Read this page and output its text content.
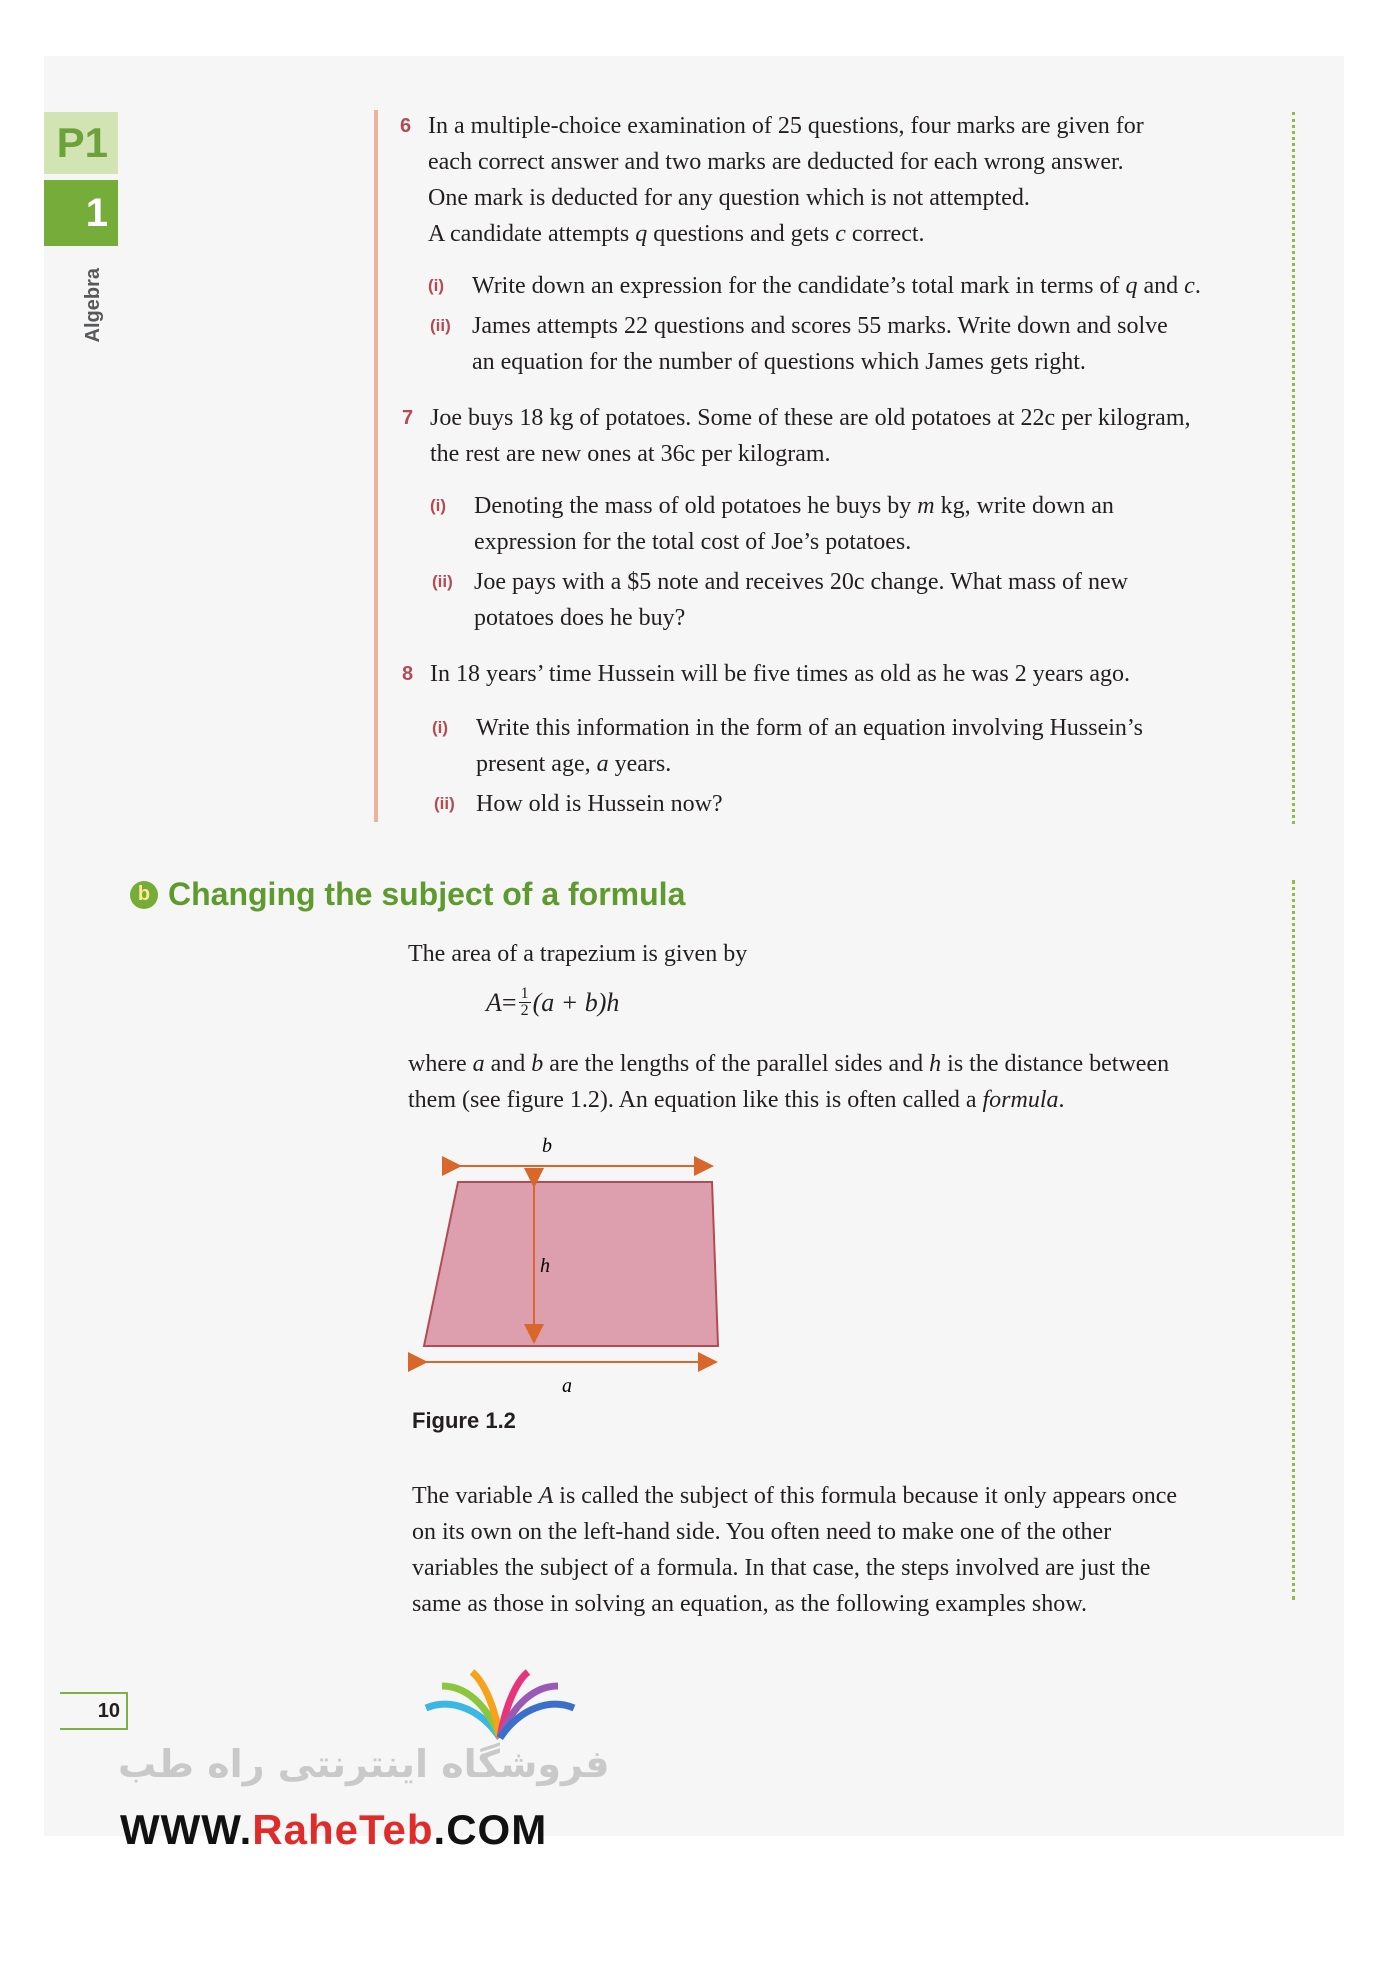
P1
1
Algebra
6 In a multiple-choice examination of 25 questions, four marks are given for
each correct answer and two marks are deducted for each wrong answer.
One mark is deducted for any question which is not attempted.
A candidate attempts q questions and gets c correct.
(i) Write down an expression for the candidate’s total mark in terms of q and c.
(ii) James attempts 22 questions and scores 55 marks. Write down and solve
an equation for the number of questions which James gets right.
7 Joe buys 18 kg of potatoes. Some of these are old potatoes at 22c per kilogram,
the rest are new ones at 36c per kilogram.
(i) Denoting the mass of old potatoes he buys by m kg, write down an
expression for the total cost of Joe’s potatoes.
(ii) Joe pays with a $5 note and receives 20c change. What mass of new
potatoes does he buy?
8 In 18 years’ time Hussein will be five times as old as he was 2 years ago.
(i) Write this information in the form of an equation involving Hussein’s
present age, a years.
(ii) How old is Hussein now?
b Changing the subject of a formula
The area of a trapezium is given by
$A = \frac{1}{2} (a + b)h$
where a and b are the lengths of the parallel sides and h is the distance between
them (see figure 1.2). An equation like this is often called a formula.
b
h
a
Figure 1.2
The variable A is called the subject of this formula because it only appears once
on its own on the left-hand side. You often need to make one of the other
variables the subject of a formula. In that case, the steps involved are just the
same as those in solving an equation, as the following examples show.
10
فروشگاه اینترنتی راه طب
WWW.RaheTeb.COM
